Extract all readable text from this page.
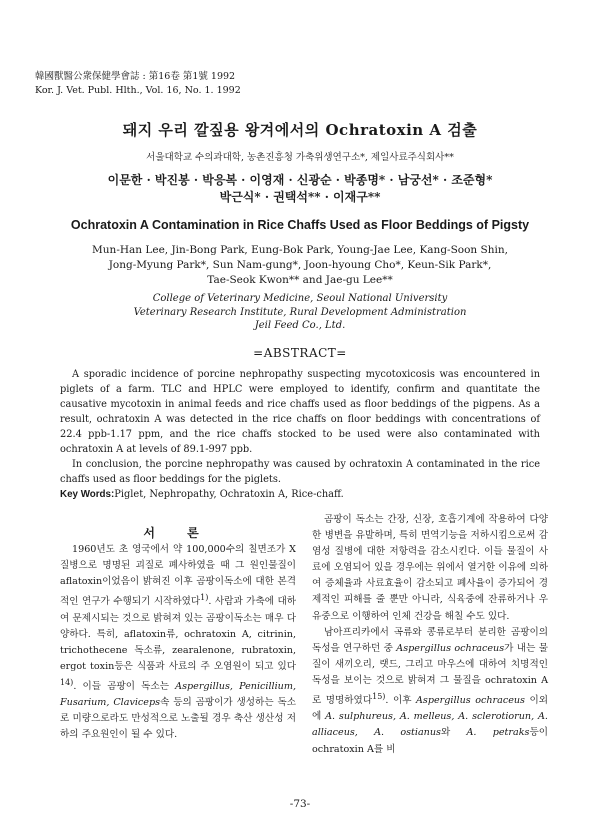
韓國獸醫公衆保健學會誌 : 第16卷 第1號 1992
Kor. J. Vet. Publ. Hlth., Vol. 16, No. 1. 1992
돼지 우리 깔짚용 왕겨에서의 Ochratoxin A 검출
서울대학교 수의과대학, 농촌진흥청 가축위생연구소*, 제일사료주식회사**
이문한 · 박진봉 · 박응복 · 이영재 · 신광순 · 박종명* · 남궁선* · 조준형*
박근식* · 권택석** · 이재구**
Ochratoxin A Contamination in Rice Chaffs Used as Floor Beddings of Pigsty
Mun-Han Lee, Jin-Bong Park, Eung-Bok Park, Young-Jae Lee, Kang-Soon Shin,
Jong-Myung Park*, Sun Nam-gung*, Joon-hyoung Cho*, Keun-Sik Park*,
Tae-Seok Kwon** and Jae-gu Lee**
College of Veterinary Medicine, Seoul National University
Veterinary Research Institute, Rural Development Administration
Jeil Feed Co., Ltd.
=ABSTRACT=

A sporadic incidence of porcine nephropathy suspecting mycotoxicosis was encountered in piglets of a farm. TLC and HPLC were employed to identify, confirm and quantitate the causative mycotoxin in animal feeds and rice chaffs used as floor beddings of the pigpens. As a result, ochratoxin A was detected in the rice chaffs on floor beddings with concentrations of 22.4 ppb-1.17 ppm, and the rice chaffs stocked to be used were also contaminated with ochratoxin A at levels of 89.1-997 ppb.

In conclusion, the porcine nephropathy was caused by ochratoxin A contaminated in the rice chaffs used as floor beddings for the piglets.

Key Words:Piglet, Nephropathy, Ochratoxin A, Rice-chaff.
서 론

1960년도 초 영국에서 약 100,000수의 칠면조가 X질병으로 명명된 괴질로 폐사하였을 때 그 원인물질이 aflatoxin이었음이 밝혀진 이후 곰팡이독소에 대한 본격적인 연구가 수행되기 시작하였다$^{1)}$. 사람과 가축에 대하여 문제시되는 것으로 밝혀져 있는 곰팡이독소는 매우 다양하다. 특히, aflatoxin류, ochratoxin A, citrinin, trichothecene 독소류, zearalenone, rubratoxin, ergot toxin등은 식품과 사료의 주 오염원이 되고 있다$^{14)}$. 이들 곰팡이 독소는 Aspergillus, Penicillium, Fusarium, Claviceps속 등의 곰팡이가 생성하는 독소로 미량으로라도 만성적으로 노출될 경우 축산 생산성 저하의 주요원인이 될 수 있다.

곰팡이 독소는 간장, 신장, 호흡기계에 작용하여 다양한 병변을 유발하며, 특히 면역기능을 저하시킴으로써 감염성 질병에 대한 저항력을 감소시킨다. 이들 물질이 사료에 오염되어 있을 경우에는 위에서 열거한 이유에 의하여 증체율과 사료효율이 감소되고 폐사율이 증가되어 경제적인 피해를 줄 뿐만 아니라, 식육중에 잔류하거나 우유중으로 이행하여 인체 건강을 해칠 수도 있다.

남아프리카에서 곡류와 콩류로부터 분리한 곰팡이의 독성을 연구하던 중 Aspergillus ochraceus가 내는 물질이 새끼오리, 랫드, 그리고 마우스에 대하여 치명적인 독성을 보이는 것으로 밝혀져 그 물질을 ochratoxin A로 명명하였다$^{15)}$. 이후 Aspergillus ochraceus 이외에 A. sulphureus, A. melleus, A. sclerotiorun, A. alliaceus, A. ostianus와 A. petraks등이 ochratoxin A를 비

-73-
